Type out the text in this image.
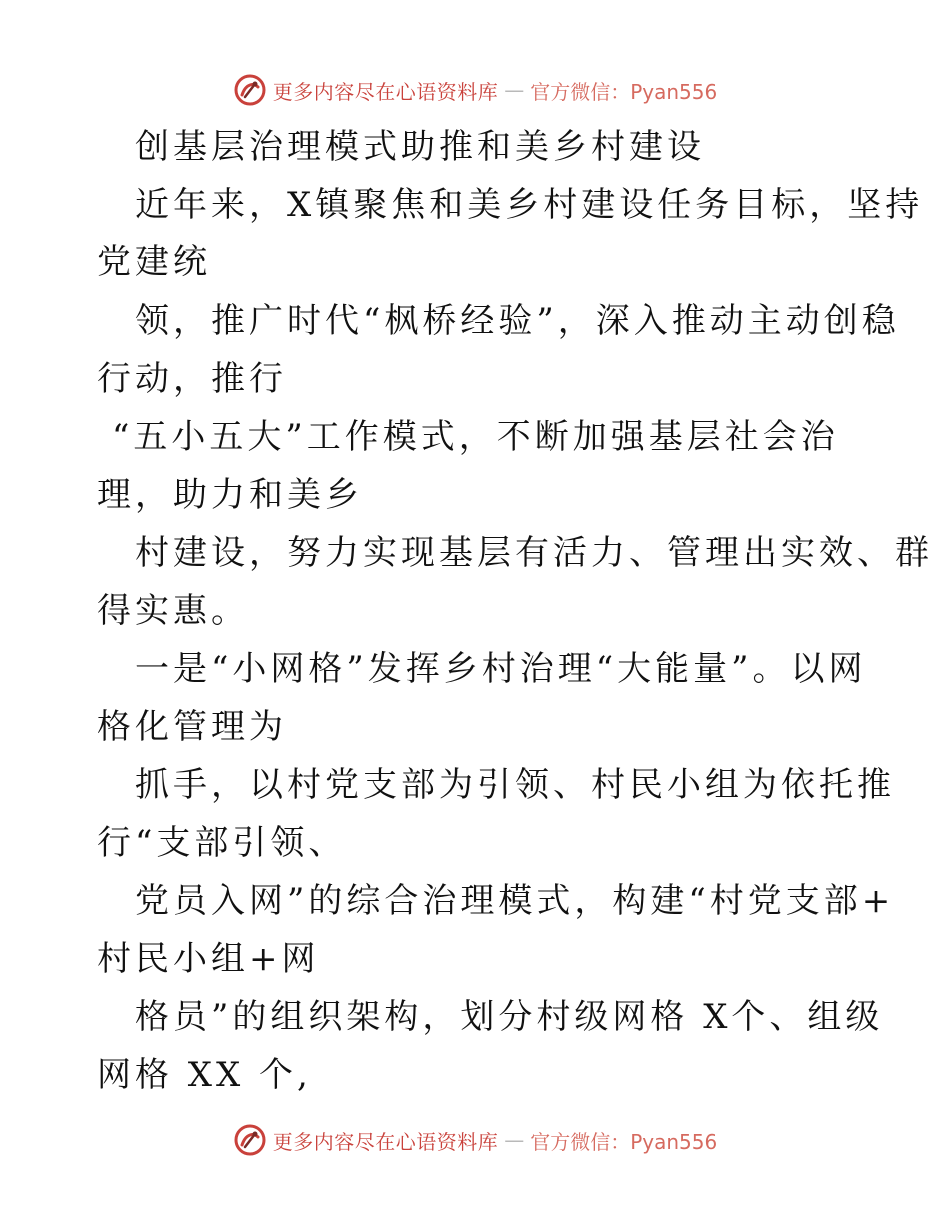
更多内容尽在心语资料库 — 官方微信：Pyan556
创基层治理模式助推和美乡村建设
近年来，X镇聚焦和美乡村建设任务目标，坚持
党建统
领，推广时代“枫桥经验”，深入推动主动创稳
行动，推行
“五小五大”工作模式，不断加强基层社会治
理，助力和美乡
村建设，努力实现基层有活力、管理出实效、群
得实惠。
一是“小网格”发挥乡村治理“大能量”。以网
格化管理为
抓手，以村党支部为引领、村民小组为依托推
行“支部引领、
党员入网”的综合治理模式，构建“村党支部+
村民小组+网
格员”的组织架构，划分村级网格 X个、组级
网格 XX 个,
更多内容尽在心语资料库 — 官方微信：Pyan556
